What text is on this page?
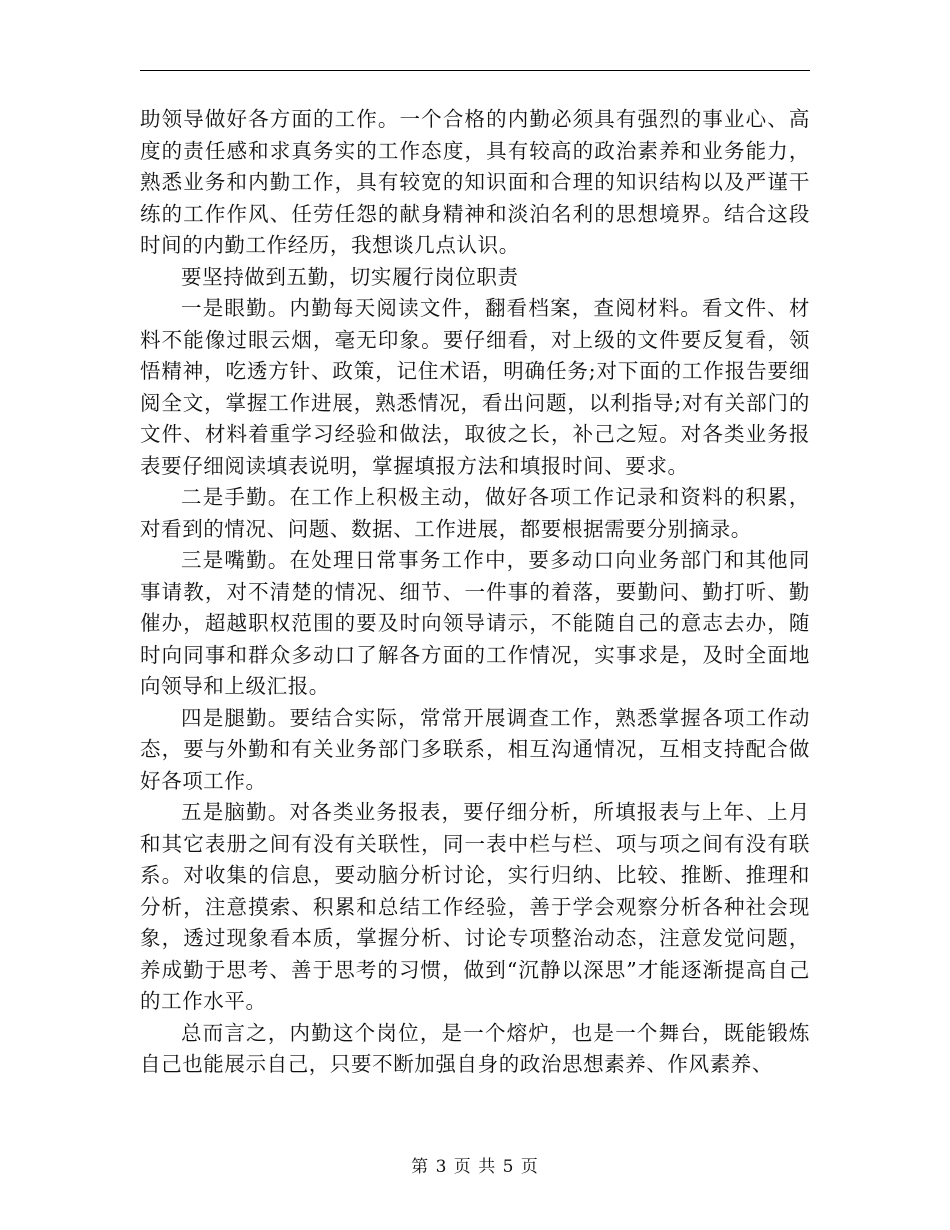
助领导做好各方面的工作。一个合格的内勤必须具有强烈的事业心、高度的责任感和求真务实的工作态度，具有较高的政治素养和业务能力，熟悉业务和内勤工作，具有较宽的知识面和合理的知识结构以及严谨干练的工作作风、任劳任怨的献身精神和淡泊名利的思想境界。结合这段时间的内勤工作经历，我想谈几点认识。

要坚持做到五勤，切实履行岗位职责

一是眼勤。内勤每天阅读文件，翻看档案，查阅材料。看文件、材料不能像过眼云烟，毫无印象。要仔细看，对上级的文件要反复看，领悟精神，吃透方针、政策，记住术语，明确任务;对下面的工作报告要细阅全文，掌握工作进展，熟悉情况，看出问题，以利指导;对有关部门的文件、材料着重学习经验和做法，取彼之长，补己之短。对各类业务报表要仔细阅读填表说明，掌握填报方法和填报时间、要求。

二是手勤。在工作上积极主动，做好各项工作记录和资料的积累，对看到的情况、问题、数据、工作进展，都要根据需要分别摘录。

三是嘴勤。在处理日常事务工作中，要多动口向业务部门和其他同事请教，对不清楚的情况、细节、一件事的着落，要勤问、勤打听、勤催办，超越职权范围的要及时向领导请示，不能随自己的意志去办，随时向同事和群众多动口了解各方面的工作情况，实事求是，及时全面地向领导和上级汇报。

四是腿勤。要结合实际，常常开展调查工作，熟悉掌握各项工作动态，要与外勤和有关业务部门多联系，相互沟通情况，互相支持配合做好各项工作。

五是脑勤。对各类业务报表，要仔细分析，所填报表与上年、上月和其它表册之间有没有关联性，同一表中栏与栏、项与项之间有没有联系。对收集的信息，要动脑分析讨论，实行归纳、比较、推断、推理和分析，注意摸索、积累和总结工作经验，善于学会观察分析各种社会现象，透过现象看本质，掌握分析、讨论专项整治动态，注意发觉问题，养成勤于思考、善于思考的习惯，做到“沉静以深思”才能逐渐提高自己的工作水平。

总而言之，内勤这个岗位，是一个熔炉，也是一个舞台，既能锻炼自己也能展示自己，只要不断加强自身的政治思想素养、作风素养、

第 3 页 共 5 页
